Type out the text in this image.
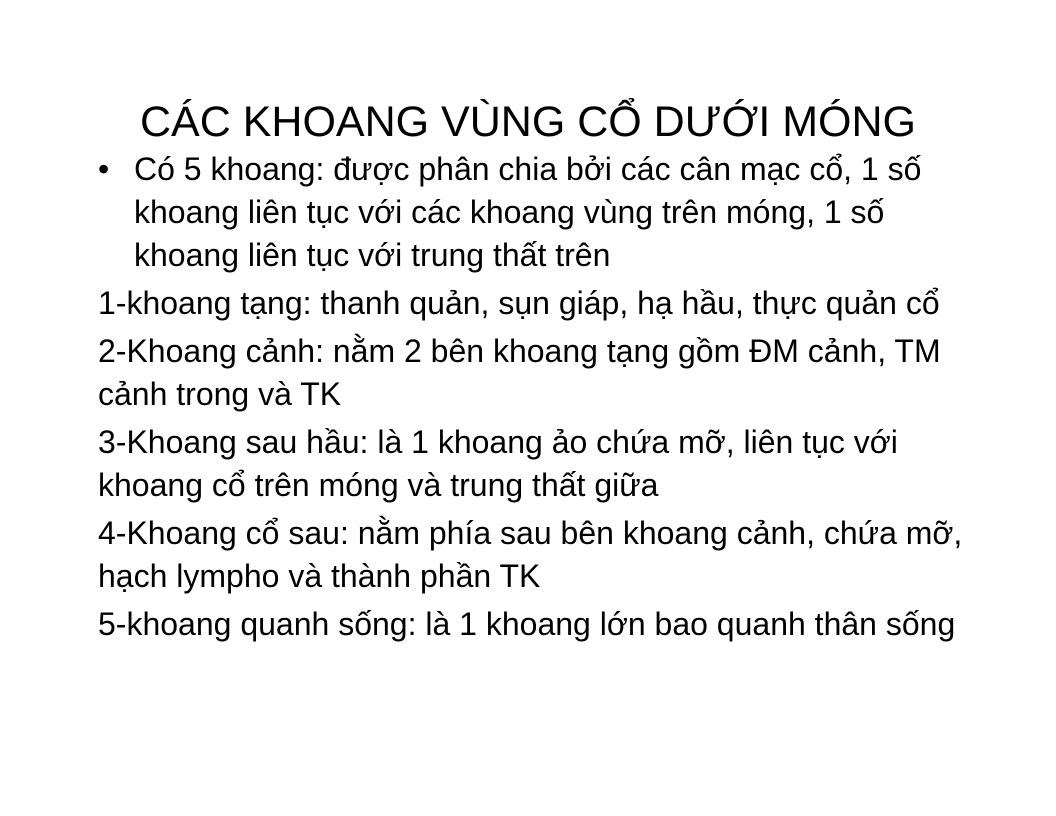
CÁC KHOANG VÙNG CỔ DƯỚI MÓNG
• Có 5 khoang: được phân chia bởi các cân mạc cổ, 1 số khoang liên tục với các khoang vùng trên móng, 1 số khoang liên tục với trung thất trên
1-khoang tạng: thanh quản, sụn giáp, hạ hầu, thực quản cổ
2-Khoang cảnh: nằm 2 bên khoang tạng gồm ĐM cảnh, TM cảnh trong và TK
3-Khoang sau hầu: là 1 khoang ảo chứa mỡ, liên tục với khoang cổ trên móng và trung thất giữa
4-Khoang cổ sau: nằm phía sau bên khoang cảnh, chứa mỡ, hạch lympho và thành phần TK
5-khoang quanh sống: là 1 khoang lớn bao quanh thân sống
